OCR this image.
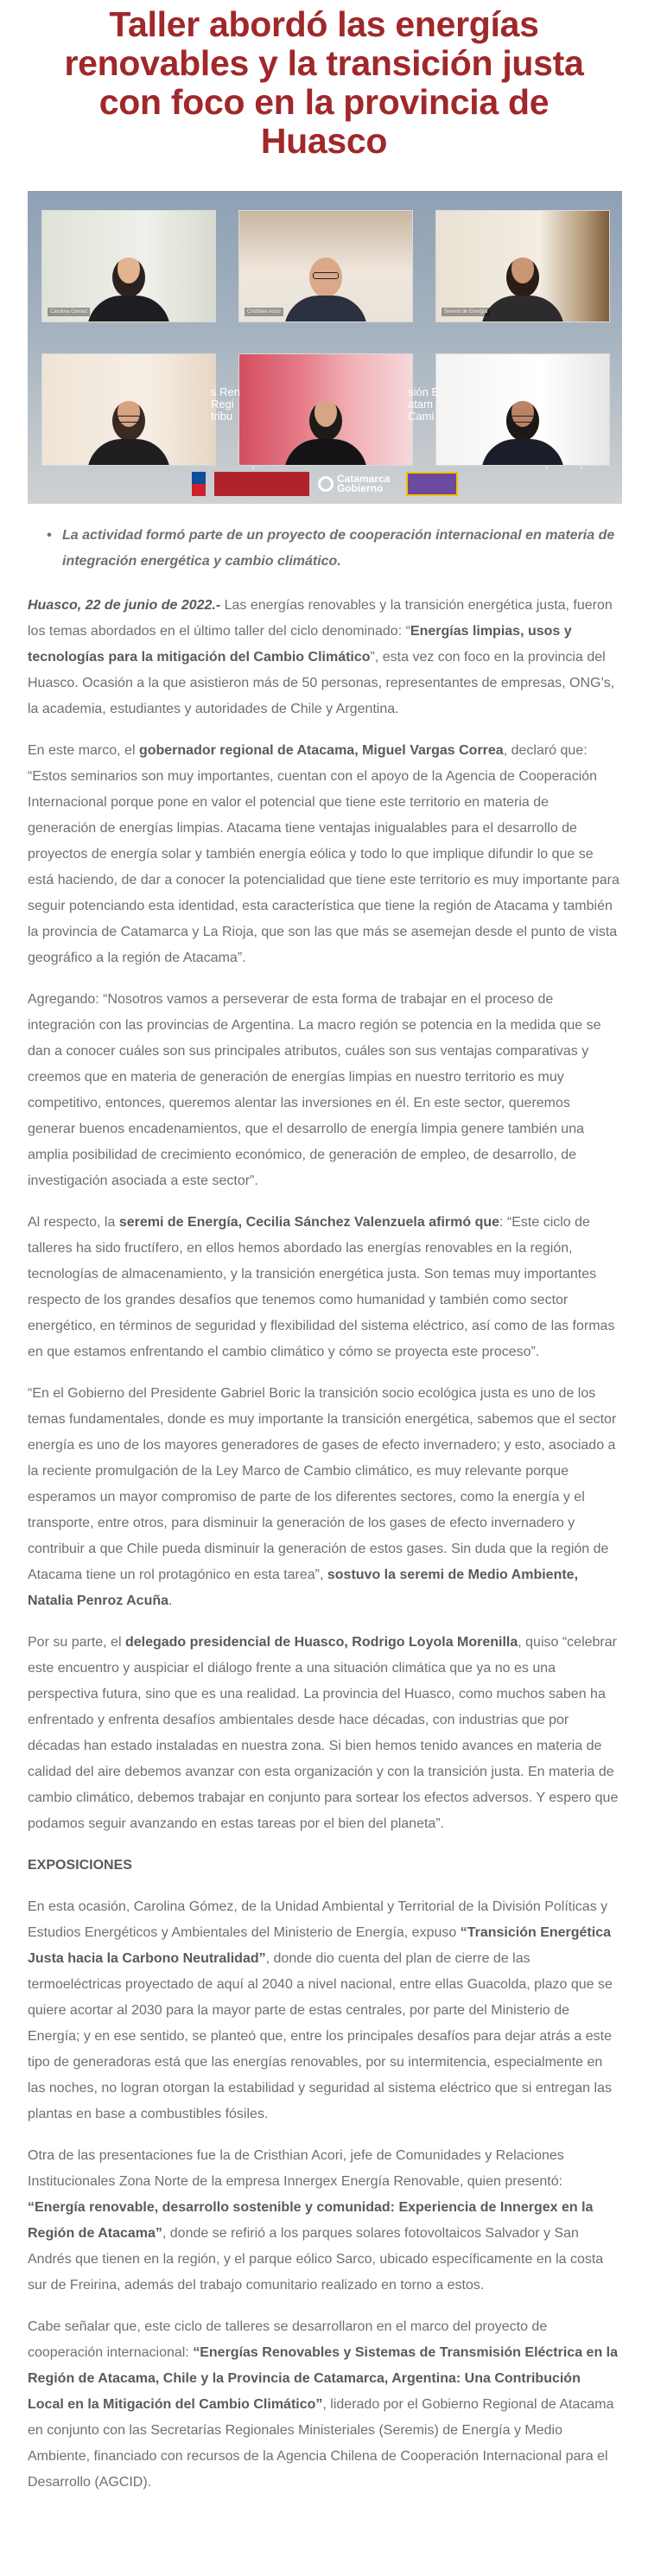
Taller abordó las energías renovables y la transición justa con foco en la provincia de Huasco
Carolina Gómez	Cristhian Acori	Seremi de Energía
s Ren
Regi
tribu
sión E
atam
Cami
Catamarca Gobierno
• La actividad formó parte de un proyecto de cooperación internacional en materia de integración energética y cambio climático.

Huasco, 22 de junio de 2022.- Las energías renovables y la transición energética justa, fueron los temas abordados en el último taller del ciclo denominado: “Energías limpias, usos y tecnologías para la mitigación del Cambio Climático”, esta vez con foco en la provincia del Huasco. Ocasión a la que asistieron más de 50 personas, representantes de empresas, ONG’s, la academia, estudiantes y autoridades de Chile y Argentina.

En este marco, el gobernador regional de Atacama, Miguel Vargas Correa, declaró que: “Estos seminarios son muy importantes, cuentan con el apoyo de la Agencia de Cooperación Internacional porque pone en valor el potencial que tiene este territorio en materia de generación de energías limpias. Atacama tiene ventajas inigualables para el desarrollo de proyectos de energía solar y también energía eólica y todo lo que implique difundir lo que se está haciendo, de dar a conocer la potencialidad que tiene este territorio es muy importante para seguir potenciando esta identidad, esta característica que tiene la región de Atacama y también la provincia de Catamarca y La Rioja, que son las que más se asemejan desde el punto de vista geográfico a la región de Atacama”.

Agregando: “Nosotros vamos a perseverar de esta forma de trabajar en el proceso de integración con las provincias de Argentina. La macro región se potencia en la medida que se dan a conocer cuáles son sus principales atributos, cuáles son sus ventajas comparativas y creemos que en materia de generación de energías limpias en nuestro territorio es muy competitivo, entonces, queremos alentar las inversiones en él. En este sector, queremos generar buenos encadenamientos, que el desarrollo de energía limpia genere también una amplia posibilidad de crecimiento económico, de generación de empleo, de desarrollo, de investigación asociada a este sector”.

Al respecto, la seremi de Energía, Cecilia Sánchez Valenzuela afirmó que: “Este ciclo de talleres ha sido fructífero, en ellos hemos abordado las energías renovables en la región, tecnologías de almacenamiento, y la transición energética justa. Son temas muy importantes respecto de los grandes desafíos que tenemos como humanidad y también como sector energético, en términos de seguridad y flexibilidad del sistema eléctrico, así como de las formas en que estamos enfrentando el cambio climático y cómo se proyecta este proceso”.

“En el Gobierno del Presidente Gabriel Boric la transición socio ecológica justa es uno de los temas fundamentales, donde es muy importante la transición energética, sabemos que el sector energía es uno de los mayores generadores de gases de efecto invernadero; y esto, asociado a la reciente promulgación de la Ley Marco de Cambio climático, es muy relevante porque esperamos un mayor compromiso de parte de los diferentes sectores, como la energía y el transporte, entre otros, para disminuir la generación de los gases de efecto invernadero y contribuir a que Chile pueda disminuir la generación de estos gases. Sin duda que la región de Atacama tiene un rol protagónico en esta tarea”, sostuvo la seremi de Medio Ambiente, Natalia Penroz Acuña.

Por su parte, el delegado presidencial de Huasco, Rodrigo Loyola Morenilla, quiso “celebrar este encuentro y auspiciar el diálogo frente a una situación climática que ya no es una perspectiva futura, sino que es una realidad. La provincia del Huasco, como muchos saben ha enfrentado y enfrenta desafíos ambientales desde hace décadas, con industrias que por décadas han estado instaladas en nuestra zona. Si bien hemos tenido avances en materia de calidad del aire debemos avanzar con esta organización y con la transición justa. En materia de cambio climático, debemos trabajar en conjunto para sortear los efectos adversos. Y espero que podamos seguir avanzando en estas tareas por el bien del planeta”.

EXPOSICIONES

En esta ocasión, Carolina Gómez, de la Unidad Ambiental y Territorial de la División Políticas y Estudios Energéticos y Ambientales del Ministerio de Energía, expuso “Transición Energética Justa hacia la Carbono Neutralidad”, donde dio cuenta del plan de cierre de las termoeléctricas proyectado de aquí al 2040 a nivel nacional, entre ellas Guacolda, plazo que se quiere acortar al 2030 para la mayor parte de estas centrales, por parte del Ministerio de Energía; y en ese sentido, se planteó que, entre los principales desafíos para dejar atrás a este tipo de generadoras está que las energías renovables, por su intermitencia, especialmente en las noches, no logran otorgan la estabilidad y seguridad al sistema eléctrico que si entregan las plantas en base a combustibles fósiles.

Otra de las presentaciones fue la de Cristhian Acori, jefe de Comunidades y Relaciones Institucionales Zona Norte de la empresa Innergex Energía Renovable, quien presentó: “Energía renovable, desarrollo sostenible y comunidad: Experiencia de Innergex en la Región de Atacama”, donde se refirió a los parques solares fotovoltaicos Salvador y San Andrés que tienen en la región, y el parque eólico Sarco, ubicado específicamente en la costa sur de Freirina, además del trabajo comunitario realizado en torno a estos.

Cabe señalar que, este ciclo de talleres se desarrollaron en el marco del proyecto de cooperación internacional: “Energías Renovables y Sistemas de Transmisión Eléctrica en la Región de Atacama, Chile y la Provincia de Catamarca, Argentina: Una Contribución Local en la Mitigación del Cambio Climático”, liderado por el Gobierno Regional de Atacama en conjunto con las Secretarías Regionales Ministeriales (Seremis) de Energía y Medio Ambiente, financiado con recursos de la Agencia Chilena de Cooperación Internacional para el Desarrollo (AGCID).
